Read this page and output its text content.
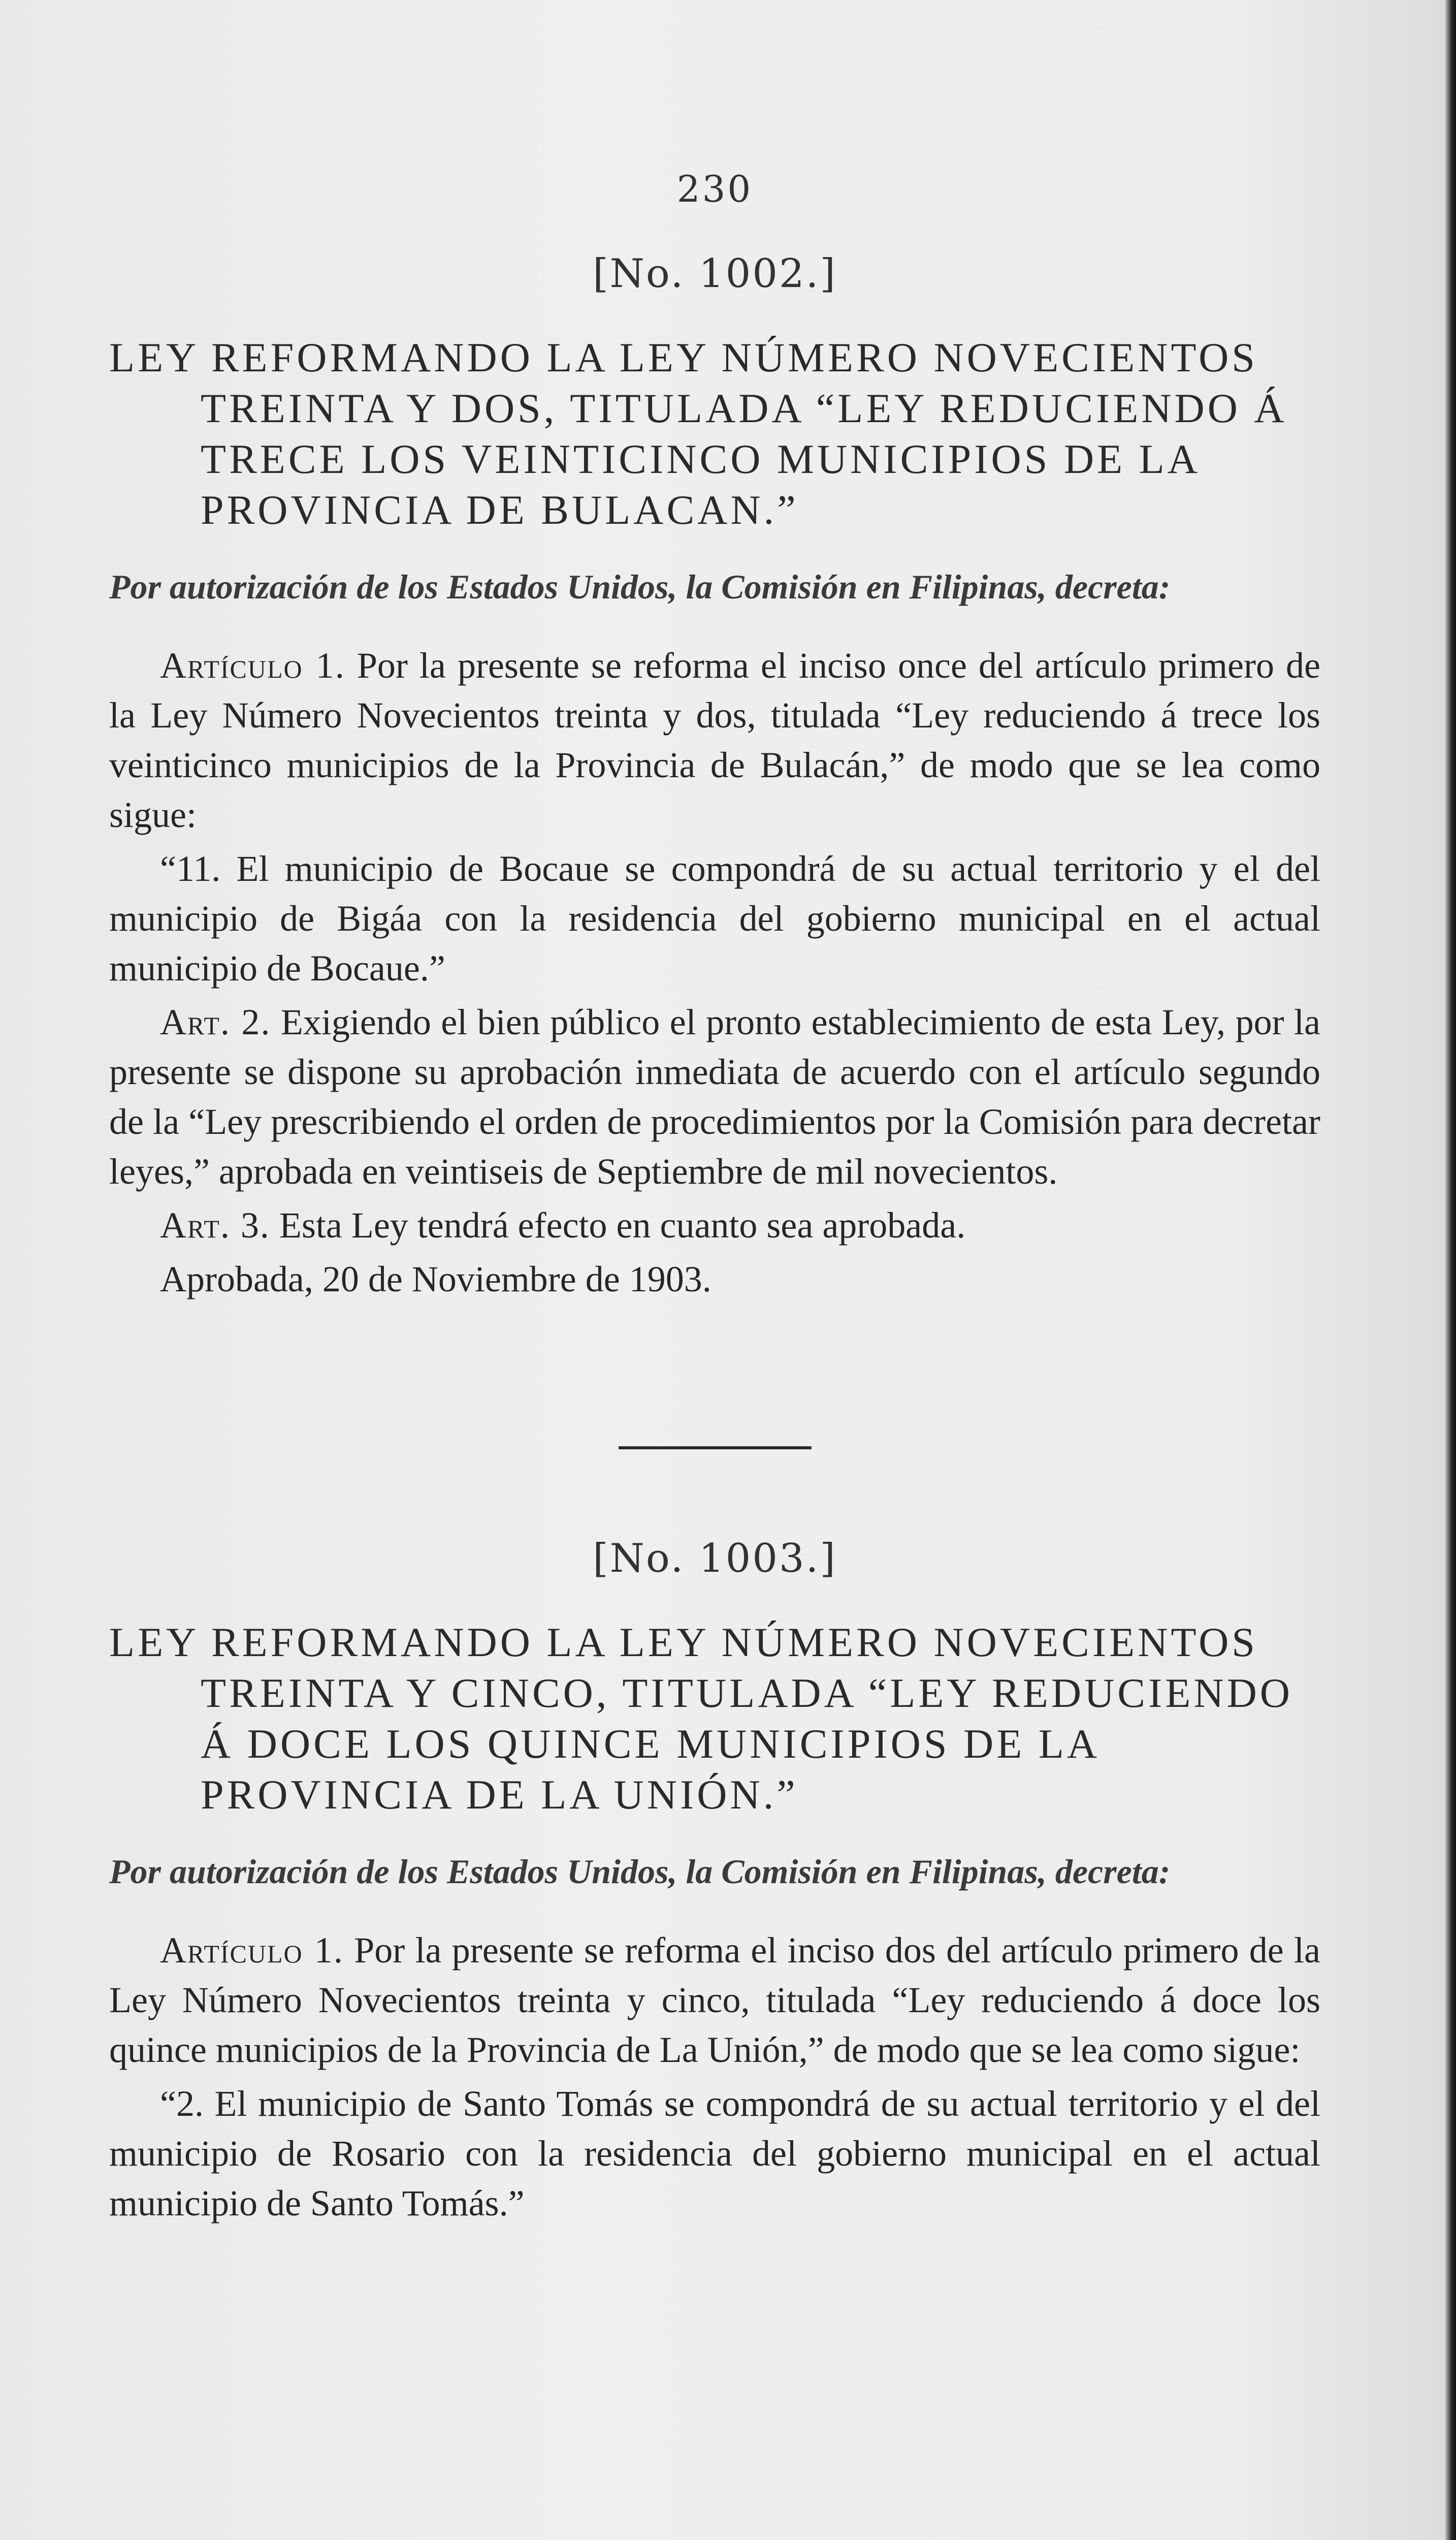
230
[No. 1002.]
LEY REFORMANDO LA LEY NÚMERO NOVECIENTOS TREINTA Y DOS, TITULADA “LEY REDUCIENDO Á TRECE LOS VEINTICINCO MUNICIPIOS DE LA PROVINCIA DE BULACAN.”
Por autorización de los Estados Unidos, la Comisión en Filipinas, decreta:

Artículo 1. Por la presente se reforma el inciso once del artículo primero de la Ley Número Novecientos treinta y dos, titulada “Ley reduciendo á trece los veinticinco municipios de la Provincia de Bulacán,” de modo que se lea como sigue:

“11. El municipio de Bocaue se compondrá de su actual territorio y el del municipio de Bigáa con la residencia del gobierno municipal en el actual municipio de Bocaue.”

Art. 2. Exigiendo el bien público el pronto establecimiento de esta Ley, por la presente se dispone su aprobación inmediata de acuerdo con el artículo segundo de la “Ley prescribiendo el orden de procedimientos por la Comisión para decretar leyes,” aprobada en veintiseis de Septiembre de mil novecientos.

Art. 3. Esta Ley tendrá efecto en cuanto sea aprobada.

Aprobada, 20 de Noviembre de 1903.

[No. 1003.]
LEY REFORMANDO LA LEY NÚMERO NOVECIENTOS TREINTA Y CINCO, TITULADA “LEY REDUCIENDO Á DOCE LOS QUINCE MUNICIPIOS DE LA PROVINCIA DE LA UNIÓN.”
Por autorización de los Estados Unidos, la Comisión en Filipinas, decreta:

Artículo 1. Por la presente se reforma el inciso dos del artículo primero de la Ley Número Novecientos treinta y cinco, titulada “Ley reduciendo á doce los quince municipios de la Provincia de La Unión,” de modo que se lea como sigue:

“2. El municipio de Santo Tomás se compondrá de su actual territorio y el del municipio de Rosario con la residencia del gobierno municipal en el actual municipio de Santo Tomás.”
